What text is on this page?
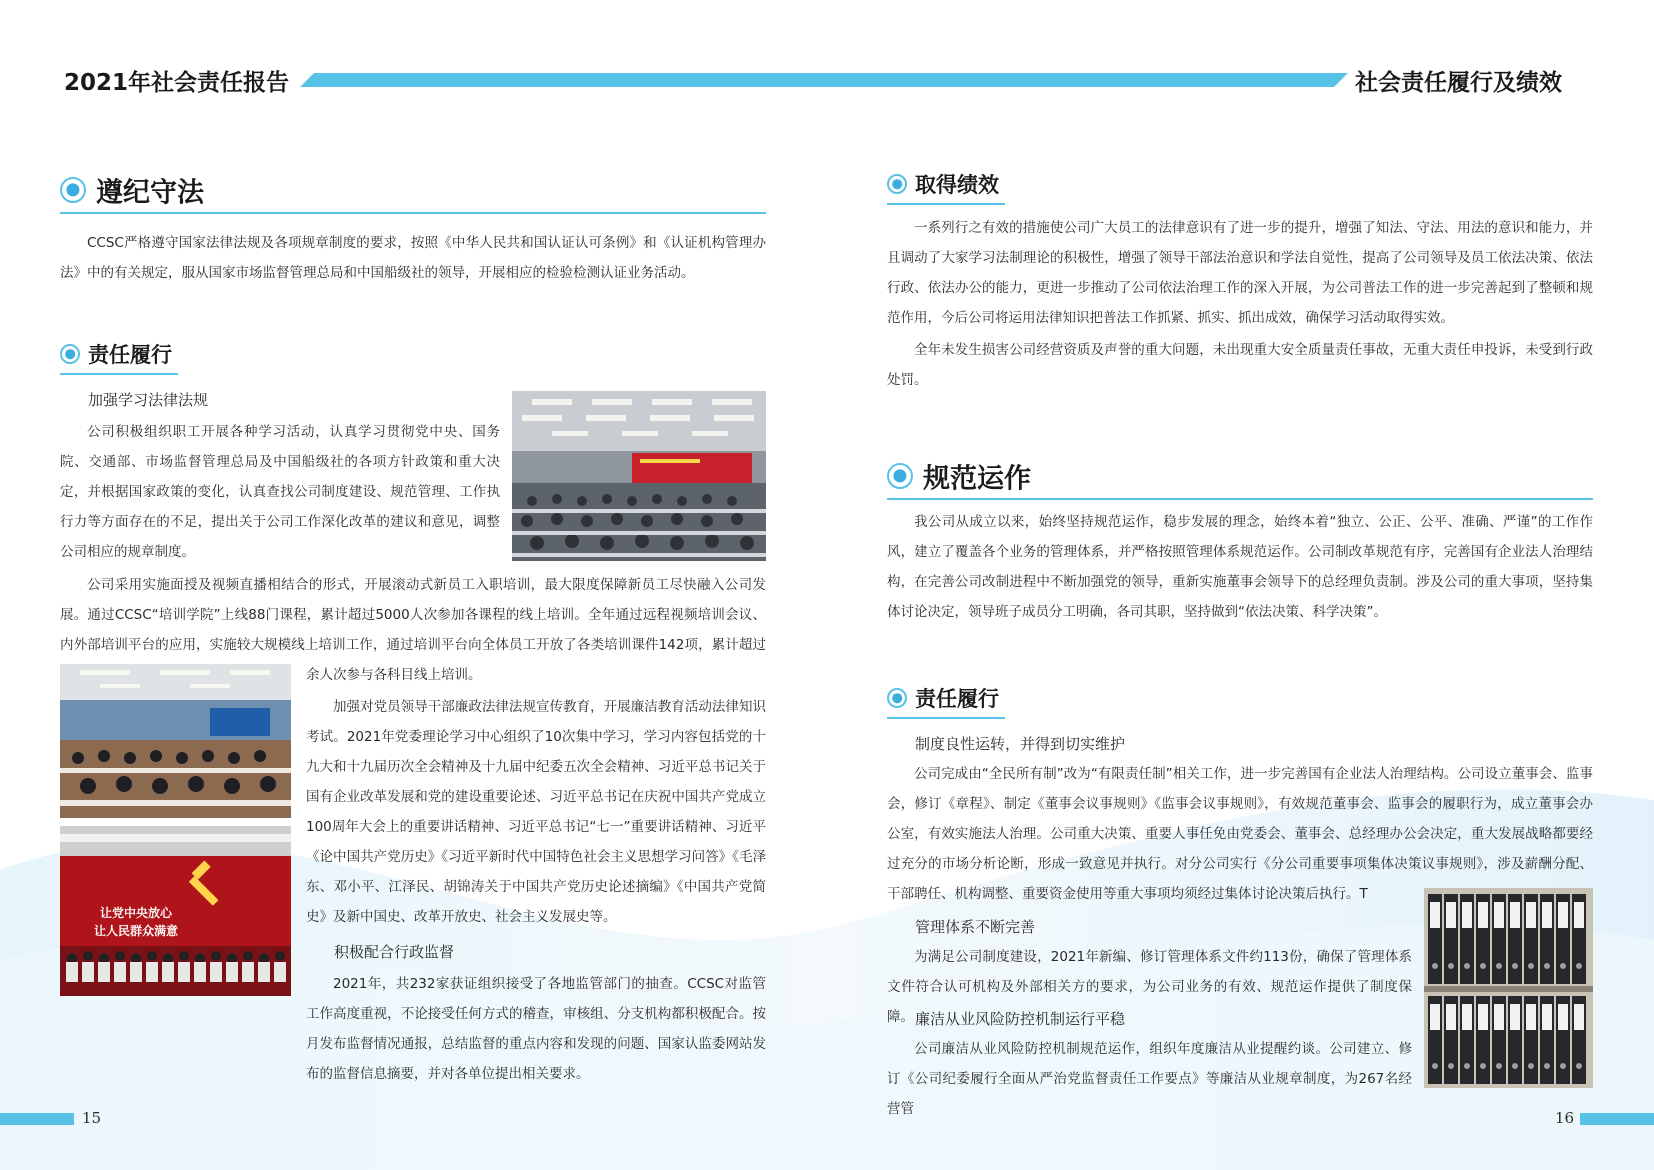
2021年社会责任报告	社会责任履行及绩效
遵纪守法
CCSC严格遵守国家法律法规及各项规章制度的要求，按照《中华人民共和国认证认可条例》和《认证机构管理办法》中的有关规定，服从国家市场监督管理总局和中国船级社的领导，开展相应的检验检测认证业务活动。
责任履行
加强学习法律法规
公司积极组织职工开展各种学习活动，认真学习贯彻党中央、国务院、交通部、市场监督管理总局及中国船级社的各项方针政策和重大决定，并根据国家政策的变化，认真查找公司制度建设、规范管理、工作执行力等方面存在的不足，提出关于公司工作深化改革的建议和意见，调整公司相应的规章制度。
公司采用实施面授及视频直播相结合的形式，开展滚动式新员工入职培训，最大限度保障新员工尽快融入公司发展。通过CCSC“培训学院”上线88门课程，累计超过5000人次参加各课程的线上培训。全年通过远程视频培训会议、内外部培训平台的应用，实施较大规模线上培训工作，通过培训平台向全体员工开放了各类培训课件142项，累计超过
余人次参与各科目线上培训。
让党中央放心
让人民群众满意
加强对党员领导干部廉政法律法规宣传教育，开展廉洁教育活动法律知识考试。2021年党委理论学习中心组织了10次集中学习，学习内容包括党的十九大和十九届历次全会精神及十九届中纪委五次全会精神、习近平总书记关于国有企业改革发展和党的建设重要论述、习近平总书记在庆祝中国共产党成立100周年大会上的重要讲话精神、习近平总书记“七一”重要讲话精神、习近平《论中国共产党历史》《习近平新时代中国特色社会主义思想学习问答》《毛泽东、邓小平、江泽民、胡锦涛关于中国共产党历史论述摘编》《中国共产党简史》及新中国史、改革开放史、社会主义发展史等。
积极配合行政监督
2021年，共232家获证组织接受了各地监管部门的抽查。CCSC对监管工作高度重视，不论接受任何方式的稽查，审核组、分支机构都积极配合。按月发布监督情况通报，总结监督的重点内容和发现的问题、国家认监委网站发布的监督信息摘要，并对各单位提出相关要求。
15
取得绩效
一系列行之有效的措施使公司广大员工的法律意识有了进一步的提升，增强了知法、守法、用法的意识和能力，并且调动了大家学习法制理论的积极性，增强了领导干部法治意识和学法自觉性，提高了公司领导及员工依法决策、依法行政、依法办公的能力，更进一步推动了公司依法治理工作的深入开展，为公司普法工作的进一步完善起到了整顿和规范作用，今后公司将运用法律知识把普法工作抓紧、抓实、抓出成效，确保学习活动取得实效。
全年未发生损害公司经营资质及声誉的重大问题，未出现重大安全质量责任事故，无重大责任申投诉，未受到行政处罚。
规范运作
我公司从成立以来，始终坚持规范运作，稳步发展的理念，始终本着“独立、公正、公平、准确、严谨”的工作作风，建立了覆盖各个业务的管理体系，并严格按照管理体系规范运作。公司制改革规范有序，完善国有企业法人治理结构，在完善公司改制进程中不断加强党的领导，重新实施董事会领导下的总经理负责制。涉及公司的重大事项，坚持集体讨论决定，领导班子成员分工明确，各司其职，坚持做到“依法决策、科学决策”。
责任履行
制度良性运转，并得到切实维护
公司完成由“全民所有制”改为“有限责任制”相关工作，进一步完善国有企业法人治理结构。公司设立董事会、监事会，修订《章程》、制定《董事会议事规则》《监事会议事规则》，有效规范董事会、监事会的履职行为，成立董事会办公室，有效实施法人治理。公司重大决策、重要人事任免由党委会、董事会、总经理办公会决定，重大发展战略都要经过充分的市场分析论断，形成一致意见并执行。对分公司实行《分公司重要事项集体决策议事规则》，涉及薪酬分配、干部聘任、机构调整、重要资金使用等重大事项均须经过集体讨论决策后执行。T
管理体系不断完善
为满足公司制度建设，2021年新编、修订管理体系文件约113份，确保了管理体系文件符合认可机构及外部相关方的要求，为公司业务的有效、规范运作提供了制度保障。 廉洁从业风险防控机制运行平稳
公司廉洁从业风险防控机制规范运作，组织年度廉洁从业提醒约谈。公司建立、修订《公司纪委履行全面从严治党监督责任工作要点》等廉洁从业规章制度，为267名经营管	16
